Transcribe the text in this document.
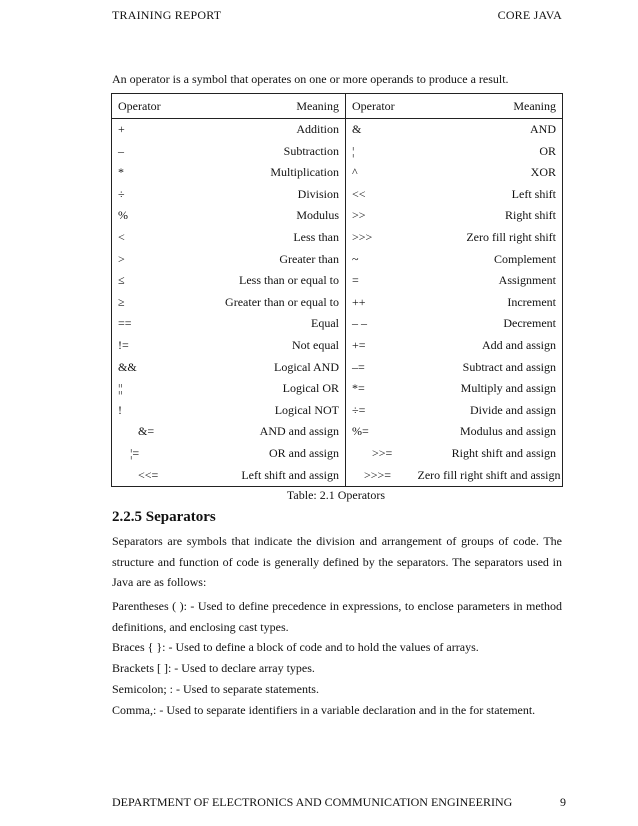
TRAINING REPORT	CORE JAVA
An operator is a symbol that operates on one or more operands to produce a result.
Operator	Meaning	Operator	Meaning
+	Addition	&	AND
–	Subtraction	¦	OR
*	Multiplication	^	XOR
÷	Division	<<	Left shift
%	Modulus	>>	Right shift
<	Less than	>>>	Zero fill right shift
>	Greater than	~	Complement
≤	Less than or equal to	=	Assignment
≥	Greater than or equal to	++	Increment
==	Equal	– –	Decrement
!=	Not equal	+=	Add and assign
&&	Logical AND	–=	Subtract and assign
¦¦	Logical OR	*=	Multiply and assign
!	Logical NOT	÷=	Divide and assign
&=	AND and assign	%=	Modulus and assign
¦=	OR and assign	>>=	Right shift and assign
<<=	Left shift and assign	>>>=	Zero fill right shift and assign
Table: 2.1 Operators
2.2.5 Separators
Separators are symbols that indicate the division and arrangement of groups of code. The structure and function of code is generally defined by the separators. The separators used in Java are as follows:
Parentheses ( ): - Used to define precedence in expressions, to enclose parameters in method definitions, and enclosing cast types.
Braces { }: - Used to define a block of code and to hold the values of arrays.
Brackets [ ]: - Used to declare array types.
Semicolon; : - Used to separate statements.
Comma,: - Used to separate identifiers in a variable declaration and in the for statement.
DEPARTMENT OF ELECTRONICS AND COMMUNICATION ENGINEERING	9
